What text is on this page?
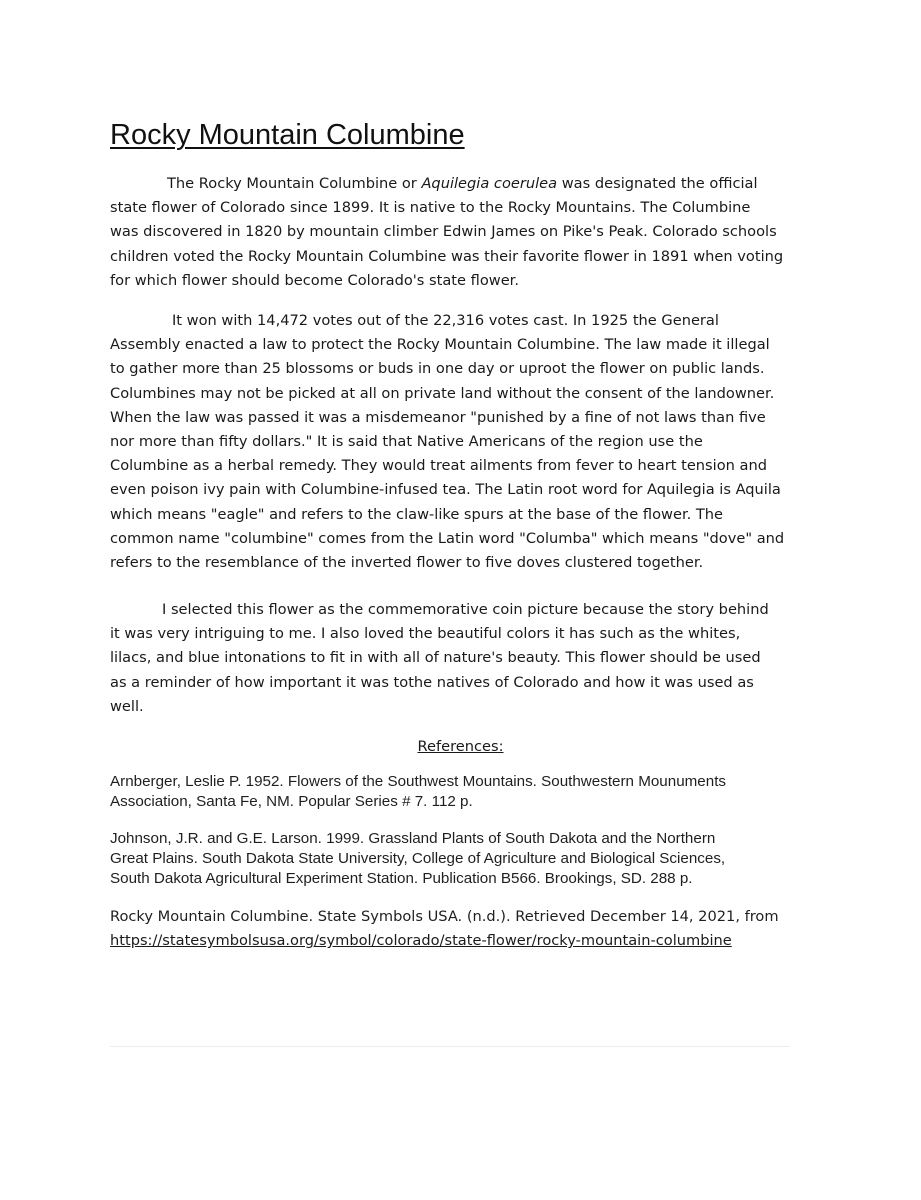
Rocky Mountain Columbine

The Rocky Mountain Columbine or Aquilegia coerulea was designated the official
state flower of Colorado since 1899. It is native to the Rocky Mountains. The Columbine
was discovered in 1820 by mountain climber Edwin James on Pike's Peak. Colorado schools
children voted the Rocky Mountain Columbine was their favorite flower in 1891 when voting
for which flower should become Colorado's state flower.

It won with 14,472 votes out of the 22,316 votes cast. In 1925 the General
Assembly enacted a law to protect the Rocky Mountain Columbine. The law made it illegal
to gather more than 25 blossoms or buds in one day or uproot the flower on public lands.
Columbines may not be picked at all on private land without the consent of the landowner.
When the law was passed it was a misdemeanor "punished by a fine of not laws than five
nor more than fifty dollars." It is said that Native Americans of the region use the
Columbine as a herbal remedy. They would treat ailments from fever to heart tension and
even poison ivy pain with Columbine-infused tea. The Latin root word for Aquilegia is Aquila
which means "eagle" and refers to the claw-like spurs at the base of the flower. The
common name "columbine" comes from the Latin word "Columba" which means "dove" and
refers to the resemblance of the inverted flower to five doves clustered together.

I selected this flower as the commemorative coin picture because the story behind
it was very intriguing to me. I also loved the beautiful colors it has such as the whites,
lilacs, and blue intonations to fit in with all of nature's beauty. This flower should be used
as a reminder of how important it was tothe natives of Colorado and how it was used as
well.

References:

Arnberger, Leslie P. 1952. Flowers of the Southwest Mountains. Southwestern Mounuments
Association, Santa Fe, NM. Popular Series # 7. 112 p.

Johnson, J.R. and G.E. Larson. 1999. Grassland Plants of South Dakota and the Northern
Great Plains. South Dakota State University, College of Agriculture and Biological Sciences,
South Dakota Agricultural Experiment Station. Publication B566. Brookings, SD. 288 p.

Rocky Mountain Columbine. State Symbols USA. (n.d.). Retrieved December 14, 2021, from
https://statesymbolsusa.org/symbol/colorado/state-flower/rocky-mountain-columbine
